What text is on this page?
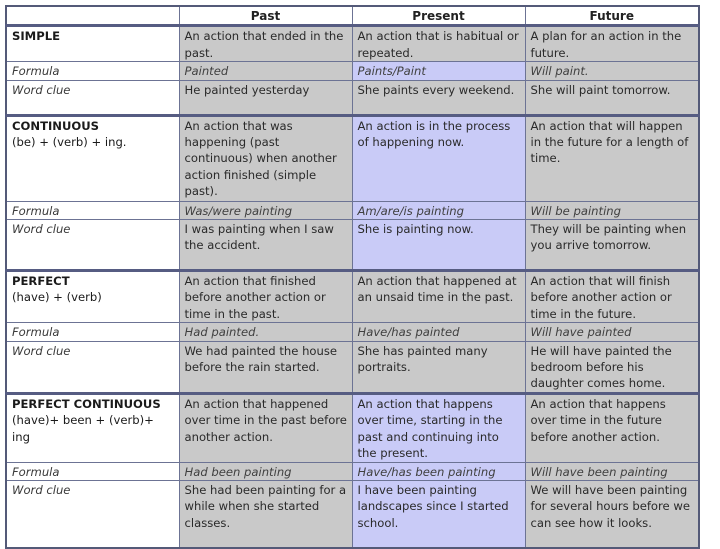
	Past	Present	Future

SIMPLE	An action that ended in the past.	An action that is habitual or repeated.	A plan for an action in the future.
Formula	Painted	Paints/Paint	Will paint.
Word clue	He painted yesterday	She paints every weekend.	She will paint tomorrow.

CONTINUOUS
(be) + (verb) + ing.	An action that was happening (past continuous) when another action finished (simple past).	An action is in the process of happening now.	An action that will happen in the future for a length of time.
Formula	Was/were painting	Am/are/is painting	Will be painting
Word clue	I was painting when I saw the accident.	She is painting now.	They will be painting when you arrive tomorrow.

PERFECT
(have) + (verb)	An action that finished before another action or time in the past.	An action that happened at an unsaid time in the past.	An action that will finish before another action or time in the future.
Formula	Had painted.	Have/has painted	Will have painted
Word clue	We had painted the house before the rain started.	She has painted many portraits.	He will have painted the bedroom before his daughter comes home.

PERFECT CONTINUOUS
(have)+ been + (verb)+ ing	An action that happened over time in the past before another action.	An action that happens over time, starting in the past and continuing into the present.	An action that happens over time in the future before another action.
Formula	Had been painting	Have/has been painting	Will have been painting
Word clue	She had been painting for a while when she started classes.	I have been painting landscapes since I started school.	We will have been painting for several hours before we can see how it looks.
